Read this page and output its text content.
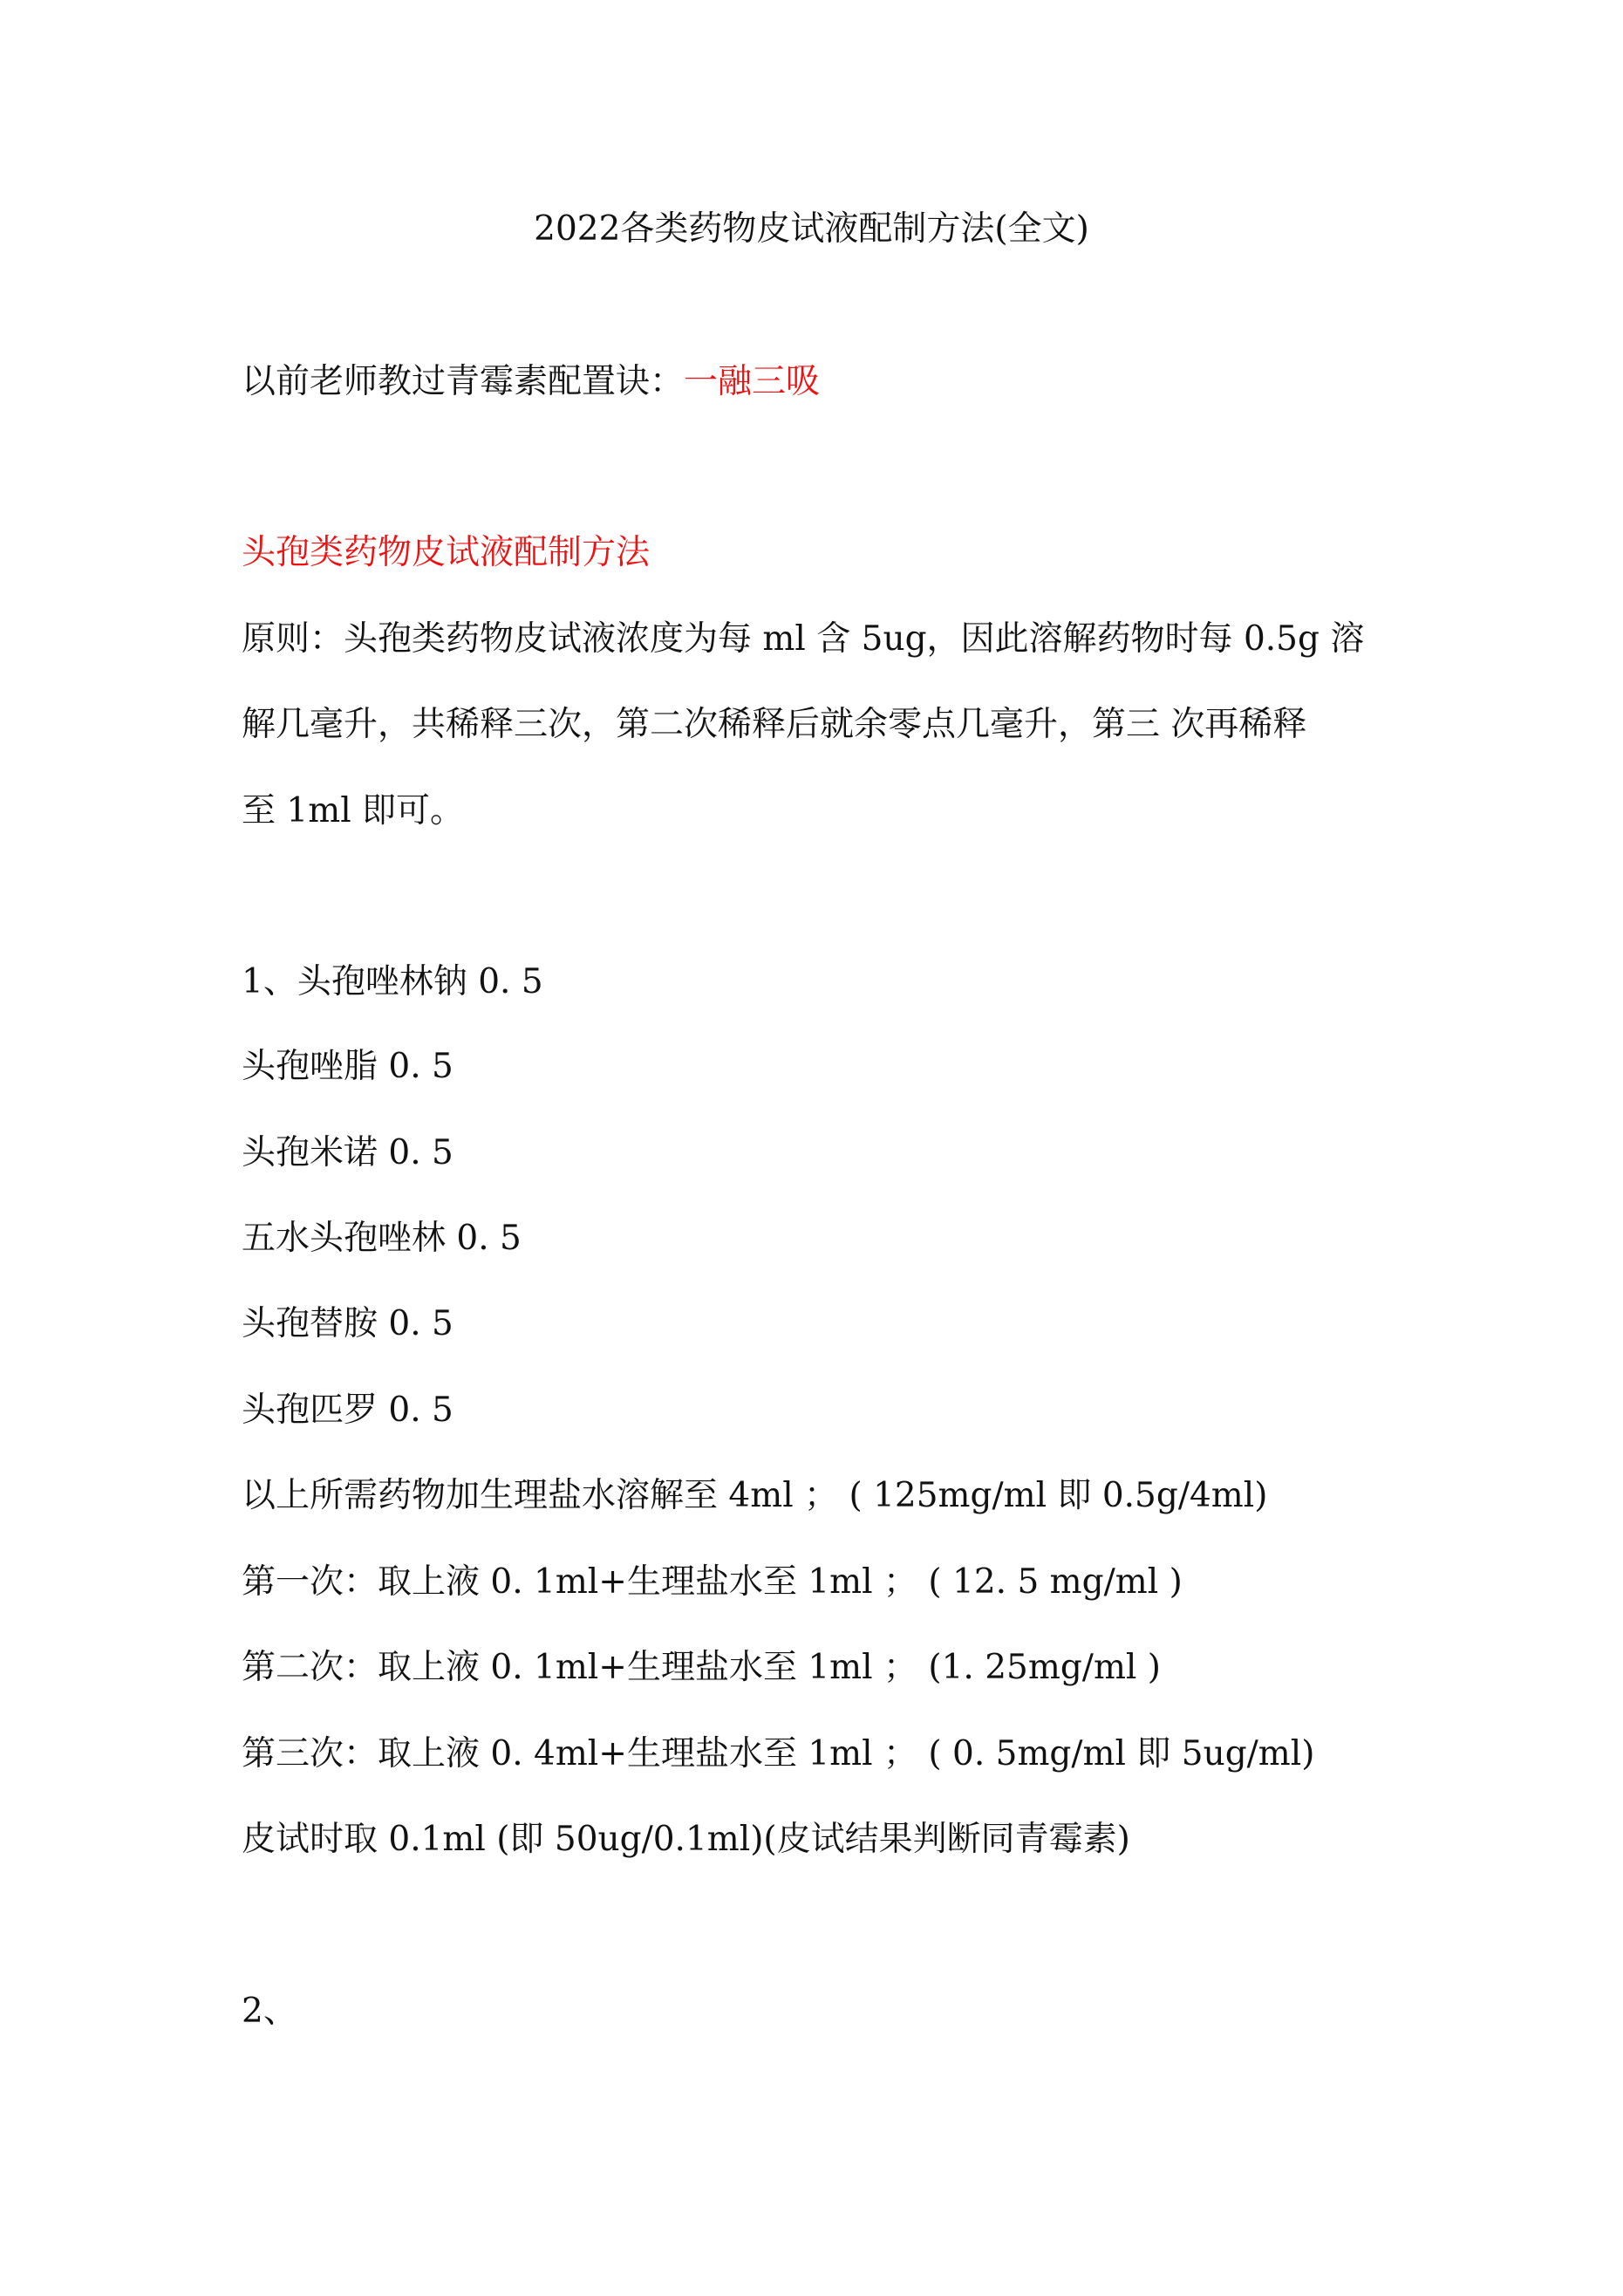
2022各类药物皮试液配制方法(全文)
以前老师教过青霉素配置诀：一融三吸
头孢类药物皮试液配制方法
原则：头孢类药物皮试液浓度为每 ml 含 5ug，因此溶解药物时每 0.5g 溶
解几毫升，共稀释三次，第二次稀释后就余零点几毫升，第三 次再稀释
至 1ml 即可。
1、头孢唑林钠 0. 5
头孢唑脂 0. 5
头孢米诺 0. 5
五水头孢唑林 0. 5
头孢替胺 0. 5
头孢匹罗 0. 5
以上所需药物加生理盐水溶解至 4ml ； ( 125mg/ml 即 0.5g/4ml)
第一次：取上液 0. 1ml+生理盐水至 1ml ； ( 12. 5 mg/ml )
第二次：取上液 0. 1ml+生理盐水至 1ml ； (1. 25mg/ml )
第三次：取上液 0. 4ml+生理盐水至 1ml ； ( 0. 5mg/ml 即 5ug/ml)
皮试时取 0.1ml (即 50ug/0.1ml)(皮试结果判断同青霉素)
2、
